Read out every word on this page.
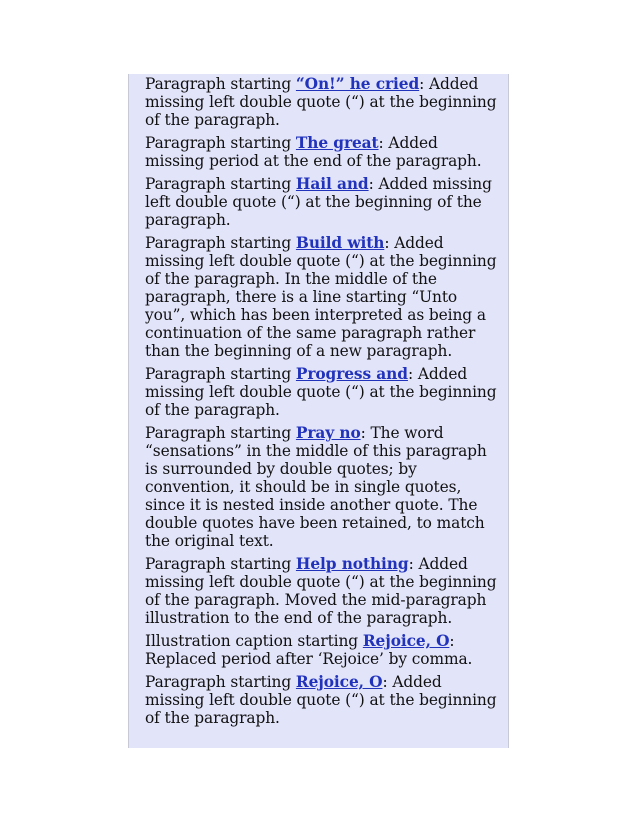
Paragraph starting “On!” he cried: Added missing left double quote (“) at the beginning of the paragraph.

Paragraph starting The great: Added missing period at the end of the paragraph.

Paragraph starting Hail and: Added missing left double quote (“) at the beginning of the paragraph.

Paragraph starting Build with: Added missing left double quote (“) at the beginning of the paragraph. In the middle of the paragraph, there is a line starting “Unto you”, which has been interpreted as being a continuation of the same paragraph rather than the beginning of a new paragraph.

Paragraph starting Progress and: Added missing left double quote (“) at the beginning of the paragraph.

Paragraph starting Pray no: The word “sensations” in the middle of this paragraph is surrounded by double quotes; by convention, it should be in single quotes, since it is nested inside another quote. The double quotes have been retained, to match the original text.

Paragraph starting Help nothing: Added missing left double quote (“) at the beginning of the paragraph. Moved the mid-paragraph illustration to the end of the paragraph.

Illustration caption starting Rejoice, O: Replaced period after ‘Rejoice’ by comma.

Paragraph starting Rejoice, O: Added missing left double quote (“) at the beginning of the paragraph.
